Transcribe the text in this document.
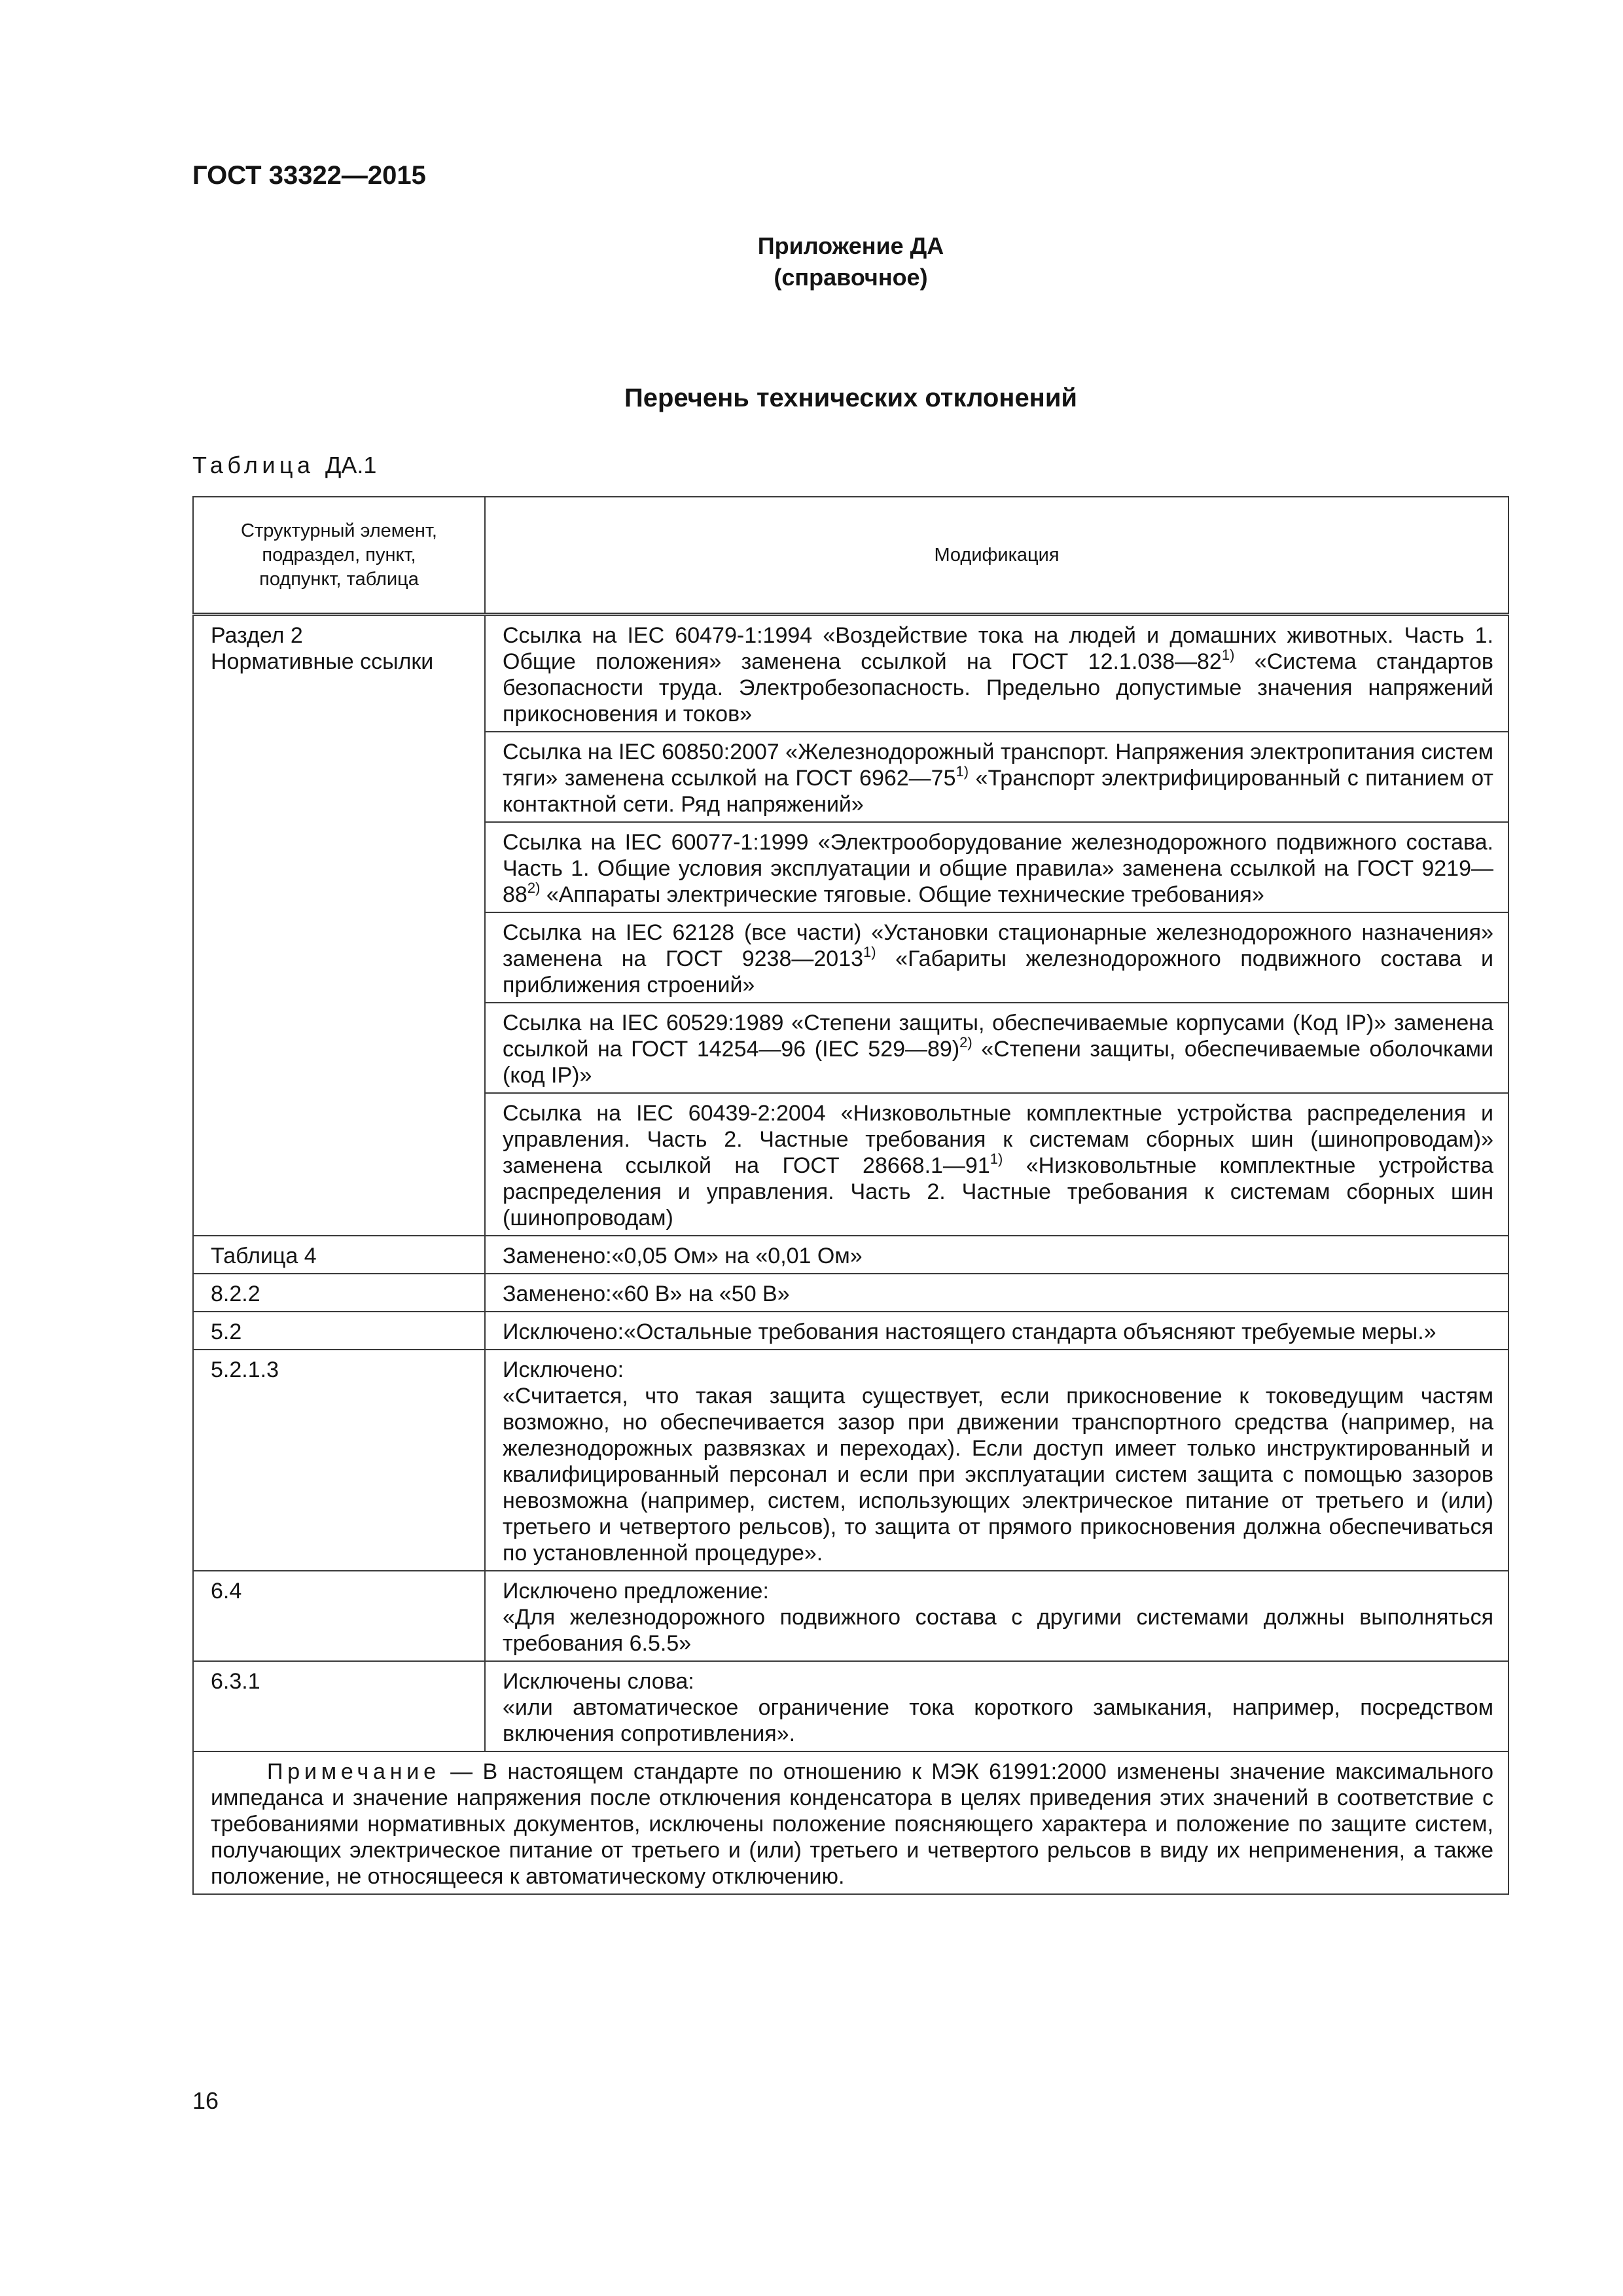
ГОСТ 33322—2015
Приложение ДА
(справочное)
Перечень технических отклонений
Таблица ДА.1
Структурный элемент,
подраздел, пункт,
подпункт, таблица	Модификация

Раздел 2
Нормативные ссылки	Ссылка на IEC 60479-1:1994 «Воздействие тока на людей и домашних животных. Часть 1. Общие положения» заменена ссылкой на ГОСТ 12.1.038—82$^{1)}$ «Система стандартов безопасности труда. Электробезопасность. Предельно допустимые значения напряжений прикосновения и токов»
	Ссылка на IEC 60850:2007 «Железнодорожный транспорт. Напряжения электропитания систем тяги» заменена ссылкой на ГОСТ 6962—75$^{1)}$ «Транспорт электрифицированный с питанием от контактной сети. Ряд напряжений»
	Ссылка на IEC 60077-1:1999 «Электрооборудование железнодорожного подвижного состава. Часть 1. Общие условия эксплуатации и общие правила» заменена ссылкой на ГОСТ 9219—88$^{2)}$ «Аппараты электрические тяговые. Общие технические требования»
	Ссылка на IEC 62128 (все части) «Установки стационарные железнодорожного назначения» заменена на ГОСТ 9238—2013$^{1)}$ «Габариты железнодорожного подвижного состава и приближения строений»
	Ссылка на IEC 60529:1989 «Степени защиты, обеспечиваемые корпусами (Код IP)» заменена ссылкой на ГОСТ 14254—96 (IEC 529—89)$^{2)}$ «Степени защиты, обеспечиваемые оболочками (код IP)»
	Ссылка на IEC 60439-2:2004 «Низковольтные комплектные устройства распределения и управления. Часть 2. Частные требования к системам сборных шин (шинопроводам)» заменена ссылкой на ГОСТ 28668.1—91$^{1)}$ «Низковольтные комплектные устройства распределения и управления. Часть 2. Частные требования к системам сборных шин (шинопроводам)
Таблица 4	Заменено:«0,05 Ом» на «0,01 Ом»

8.2.2	Заменено:«60 В» на «50 В»

5.2	Исключено:«Остальные требования настоящего стандарта объясняют требуемые меры.»

5.2.1.3	Исключено:
«Считается, что такая защита существует, если прикосновение к токоведущим частям возможно, но обеспечивается зазор при движении транспортного средства (например, на железнодорожных развязках и переходах). Если доступ имеет только инструктированный и квалифицированный персонал и если при эксплуатации систем защита с помощью зазоров невозможна (например, систем, использующих электрическое питание от третьего и (или) третьего и четвертого рельсов), то защита от прямого прикосновения должна обеспечиваться по установленной процедуре».

6.4	Исключено предложение:
«Для железнодорожного подвижного состава с другими системами должны выполняться требования 6.5.5»

6.3.1	Исключены слова:
«или автоматическое ограничение тока короткого замыкания, например, посредством включения сопротивления».

Примечание — В настоящем стандарте по отношению к МЭК 61991:2000 изменены значение максимального импеданса и значение напряжения после отключения конденсатора в целях приведения этих значений в соответствие с требованиями нормативных документов, исключены положение поясняющего характера и положение по защите систем, получающих электрическое питание от третьего и (или) третьего и четвертого рельсов в виду их неприменения, а также положение, не относящееся к автоматическому отключению.	
16
